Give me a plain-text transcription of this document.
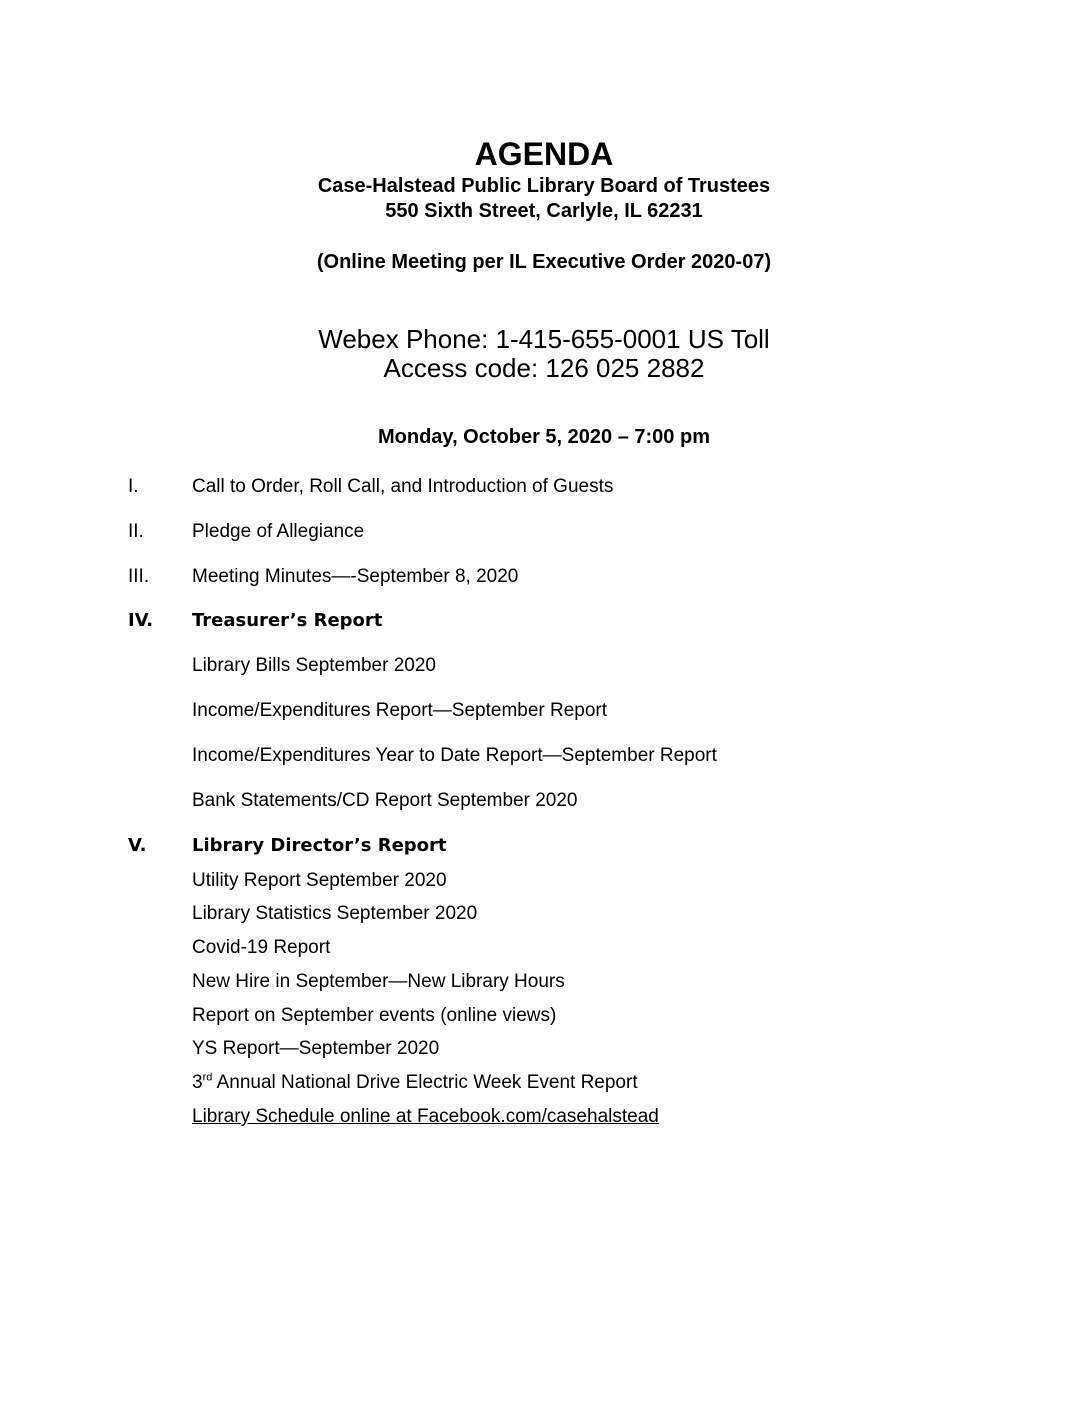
AGENDA
Case-Halstead Public Library Board of Trustees
550 Sixth Street, Carlyle, IL 62231
(Online Meeting per IL Executive Order 2020-07)
Webex Phone: 1-415-655-0001 US Toll
Access code: 126 025 2882
Monday, October 5, 2020 – 7:00 pm
I.	Call to Order, Roll Call, and Introduction of Guests
II.	Pledge of Allegiance
III. Meeting Minutes—-September 8, 2020
IV. Treasurer’s Report
Library Bills September 2020
Income/Expenditures Report—September Report
Income/Expenditures Year to Date Report—September Report
Bank Statements/CD Report September 2020
V.	Library Director’s Report
Utility Report September 2020
Library Statistics September 2020
Covid-19 Report
New Hire in September—New Library Hours
Report on September events (online views)
YS Report—September 2020
3rd Annual National Drive Electric Week Event Report
Library Schedule online at Facebook.com/casehalstead
